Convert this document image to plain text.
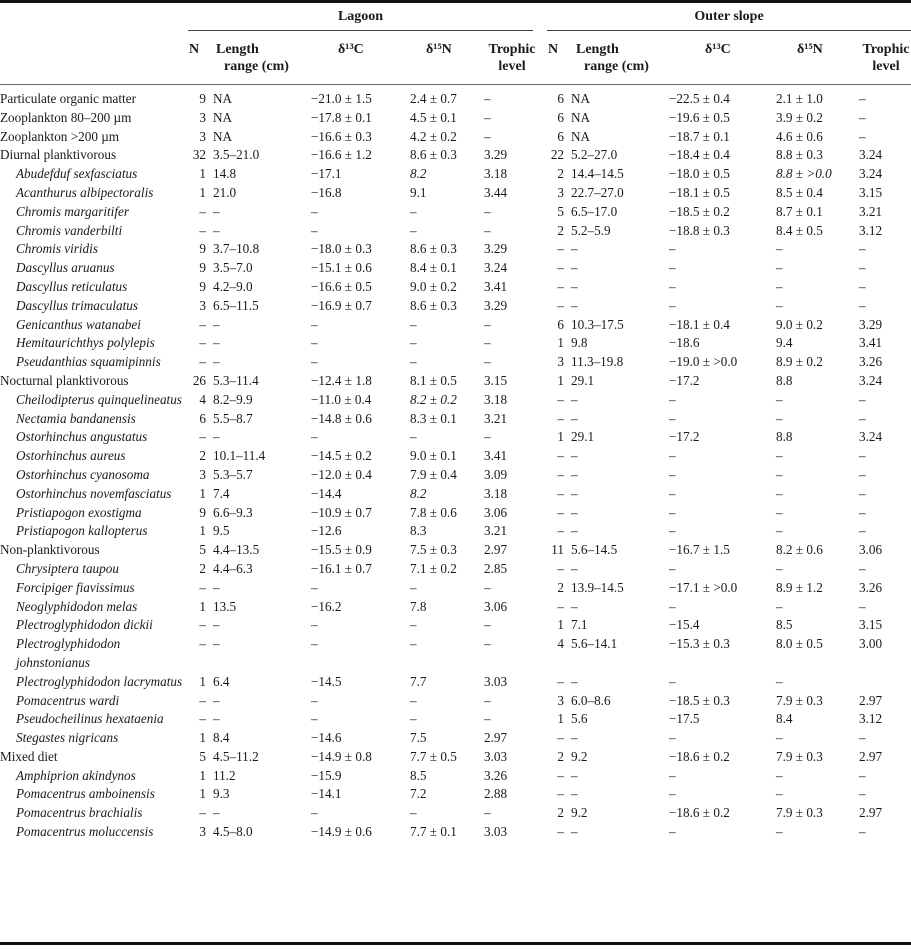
Lagoon	Outer slope
N Length
range (cm)
δ¹³C	δ¹⁵N	Trophic
level
N Length
range (cm)
δ¹³C	δ¹⁵N	Trophic
level
Particulate organic matter	9	NA	−21.0 ± 1.5	2.4 ± 0.7	–	6	NA	−22.5 ± 0.4	2.1 ± 1.0	–
Zooplankton 80–200 µm	3	NA	−17.8 ± 0.1	4.5 ± 0.1	–	6	NA	−19.6 ± 0.5	3.9 ± 0.2	–
Zooplankton >200 µm	3	NA	−16.6 ± 0.3	4.2 ± 0.2	–	6	NA	−18.7 ± 0.1	4.6 ± 0.6	–
Diurnal planktivorous	32	3.5–21.0	−16.6 ± 1.2	8.6 ± 0.3	3.29	22	5.2–27.0	−18.4 ± 0.4	8.8 ± 0.3	3.24
Abudefduf sexfasciatus	1	14.8	−17.1	8.2	3.18	2	14.4–14.5	−18.0 ± 0.5	8.8 ± >0.0	3.24
Acanthurus albipectoralis	1	21.0	−16.8	9.1	3.44	3	22.7–27.0	−18.1 ± 0.5	8.5 ± 0.4	3.15
Chromis margaritifer	–	–	–	–	–	5	6.5–17.0	−18.5 ± 0.2	8.7 ± 0.1	3.21
Chromis vanderbilti	–	–	–	–	–	2	5.2–5.9	−18.8 ± 0.3	8.4 ± 0.5	3.12
Chromis viridis	9	3.7–10.8	−18.0 ± 0.3	8.6 ± 0.3	3.29	–	–	–	–	–
Dascyllus aruanus	9	3.5–7.0	−15.1 ± 0.6	8.4 ± 0.1	3.24	–	–	–	–	–
Dascyllus reticulatus	9	4.2–9.0	−16.6 ± 0.5	9.0 ± 0.2	3.41	–	–	–	–	–
Dascyllus trimaculatus	3	6.5–11.5	−16.9 ± 0.7	8.6 ± 0.3	3.29	–	–	–	–	–
Genicanthus watanabei	–	–	–	–	–	6	10.3–17.5	−18.1 ± 0.4	9.0 ± 0.2	3.29
Hemitaurichthys polylepis	–	–	–	–	–	1	9.8	−18.6	9.4	3.41
Pseudanthias squamipinnis	–	–	–	–	–	3	11.3–19.8	−19.0 ± >0.0	8.9 ± 0.2	3.26
Nocturnal planktivorous	26	5.3–11.4	−12.4 ± 1.8	8.1 ± 0.5	3.15	1	29.1	−17.2	8.8	3.24
Cheilodipterus quinquelineatus	4	8.2–9.9	−11.0 ± 0.4	8.2 ± 0.2	3.18	–	–	–	–	–
Nectamia bandanensis	6	5.5–8.7	−14.8 ± 0.6	8.3 ± 0.1	3.21	–	–	–	–	–
Ostorhinchus angustatus	–	–	–	–	–	1	29.1	−17.2	8.8	3.24
Ostorhinchus aureus	2	10.1–11.4	−14.5 ± 0.2	9.0 ± 0.1	3.41	–	–	–	–	–
Ostorhinchus cyanosoma	3	5.3–5.7	−12.0 ± 0.4	7.9 ± 0.4	3.09	–	–	–	–	–
Ostorhinchus novemfasciatus	1	7.4	−14.4	8.2	3.18	–	–	–	–	–
Pristiapogon exostigma	9	6.6–9.3	−10.9 ± 0.7	7.8 ± 0.6	3.06	–	–	–	–	–
Pristiapogon kallopterus	1	9.5	−12.6	8.3	3.21	–	–	–	–	–
Non-planktivorous	5	4.4–13.5	−15.5 ± 0.9	7.5 ± 0.3	2.97	11	5.6–14.5	−16.7 ± 1.5	8.2 ± 0.6	3.06
Chrysiptera taupou	2	4.4–6.3	−16.1 ± 0.7	7.1 ± 0.2	2.85	–	–	–	–	–
Forcipiger fiavissimus	–	–	–	–	–	2	13.9–14.5	−17.1 ± >0.0	8.9 ± 1.2	3.26
Neoglyphidodon melas	1	13.5	−16.2	7.8	3.06	–	–	–	–	–
Plectroglyphidodon dickii	–	–	–	–	–	1	7.1	−15.4	8.5	3.15
Plectroglyphidodon johnstonianus	–	–	–	–	–	4	5.6–14.1	−15.3 ± 0.3	8.0 ± 0.5	3.00
Plectroglyphidodon lacrymatus	1	6.4	−14.5	7.7	3.03	–	–	–	–	
Pomacentrus wardi	–	–	–	–	–	3	6.0–8.6	−18.5 ± 0.3	7.9 ± 0.3	2.97
Pseudocheilinus hexataenia	–	–	–	–	–	1	5.6	−17.5	8.4	3.12
Stegastes nigricans	1	8.4	−14.6	7.5	2.97	–	–	–	–	–
Mixed diet	5	4.5–11.2	−14.9 ± 0.8	7.7 ± 0.5	3.03	2	9.2	−18.6 ± 0.2	7.9 ± 0.3	2.97
Amphiprion akindynos	1	11.2	−15.9	8.5	3.26	–	–	–	–	–
Pomacentrus amboinensis	1	9.3	−14.1	7.2	2.88	–	–	–	–	–
Pomacentrus brachialis	–	–	–	–	–	2	9.2	−18.6 ± 0.2	7.9 ± 0.3	2.97
Pomacentrus moluccensis	3	4.5–8.0	−14.9 ± 0.6	7.7 ± 0.1	3.03	–	–	–	–	–
